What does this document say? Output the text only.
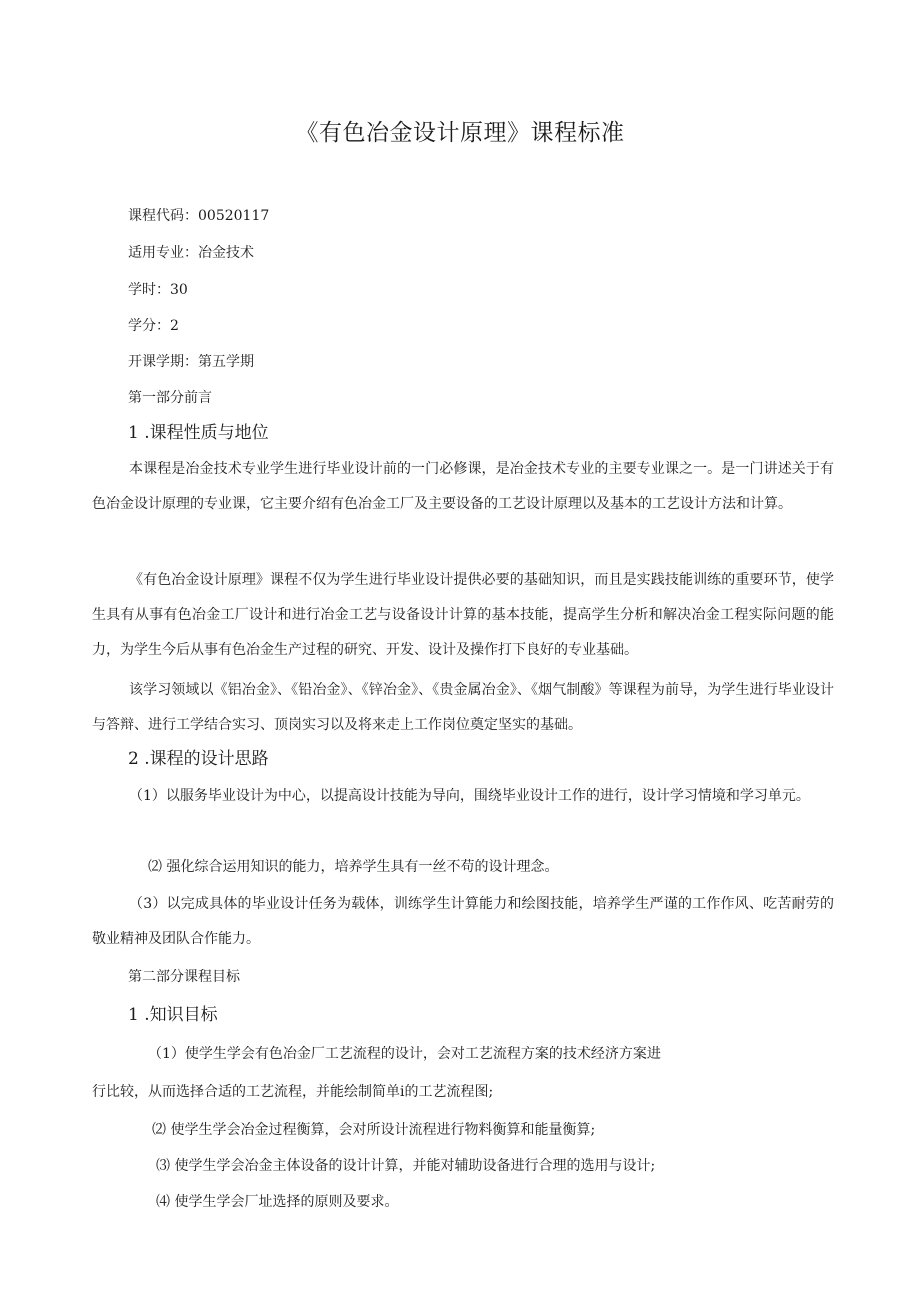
《有色冶金设计原理》课程标准
课程代码：00520117
适用专业：冶金技术
学时：30
学分：2
开课学期：第五学期
第一部分前言
1 .课程性质与地位
本课程是冶金技术专业学生进行毕业设计前的一门必修课，是冶金技术专业的主要专业课之一。是一门讲述关于有色冶金设计原理的专业课，它主要介绍有色冶金工厂及主要设备的工艺设计原理以及基本的工艺设计方法和计算。
《有色冶金设计原理》课程不仅为学生进行毕业设计提供必要的基础知识，而且是实践技能训练的重要环节，使学生具有从事有色冶金工厂设计和进行冶金工艺与设备设计计算的基本技能，提高学生分析和解决冶金工程实际问题的能力，为学生今后从事有色冶金生产过程的研究、开发、设计及操作打下良好的专业基础。
该学习领域以《铝冶金》、《铅冶金》、《锌冶金》、《贵金属冶金》、《烟气制酸》等课程为前导，为学生进行毕业设计与答辩、进行工学结合实习、顶岗实习以及将来走上工作岗位奠定坚实的基础。
2 .课程的设计思路
（1）以服务毕业设计为中心，以提高设计技能为导向，围绕毕业设计工作的进行，设计学习情境和学习单元。
⑵ 强化综合运用知识的能力，培养学生具有一丝不苟的设计理念。
（3）以完成具体的毕业设计任务为载体，训练学生计算能力和绘图技能，培养学生严谨的工作作风、吃苦耐劳的敬业精神及团队合作能力。
第二部分课程目标
1 .知识目标
（1）使学生学会有色冶金厂工艺流程的设计，会对工艺流程方案的技术经济方案进
行比较，从而选择合适的工艺流程，并能绘制简单i的工艺流程图;
⑵ 使学生学会冶金过程衡算，会对所设计流程进行物料衡算和能量衡算;
⑶ 使学生学会冶金主体设备的设计计算，并能对辅助设备进行合理的选用与设计;
⑷ 使学生学会厂址选择的原则及要求。
